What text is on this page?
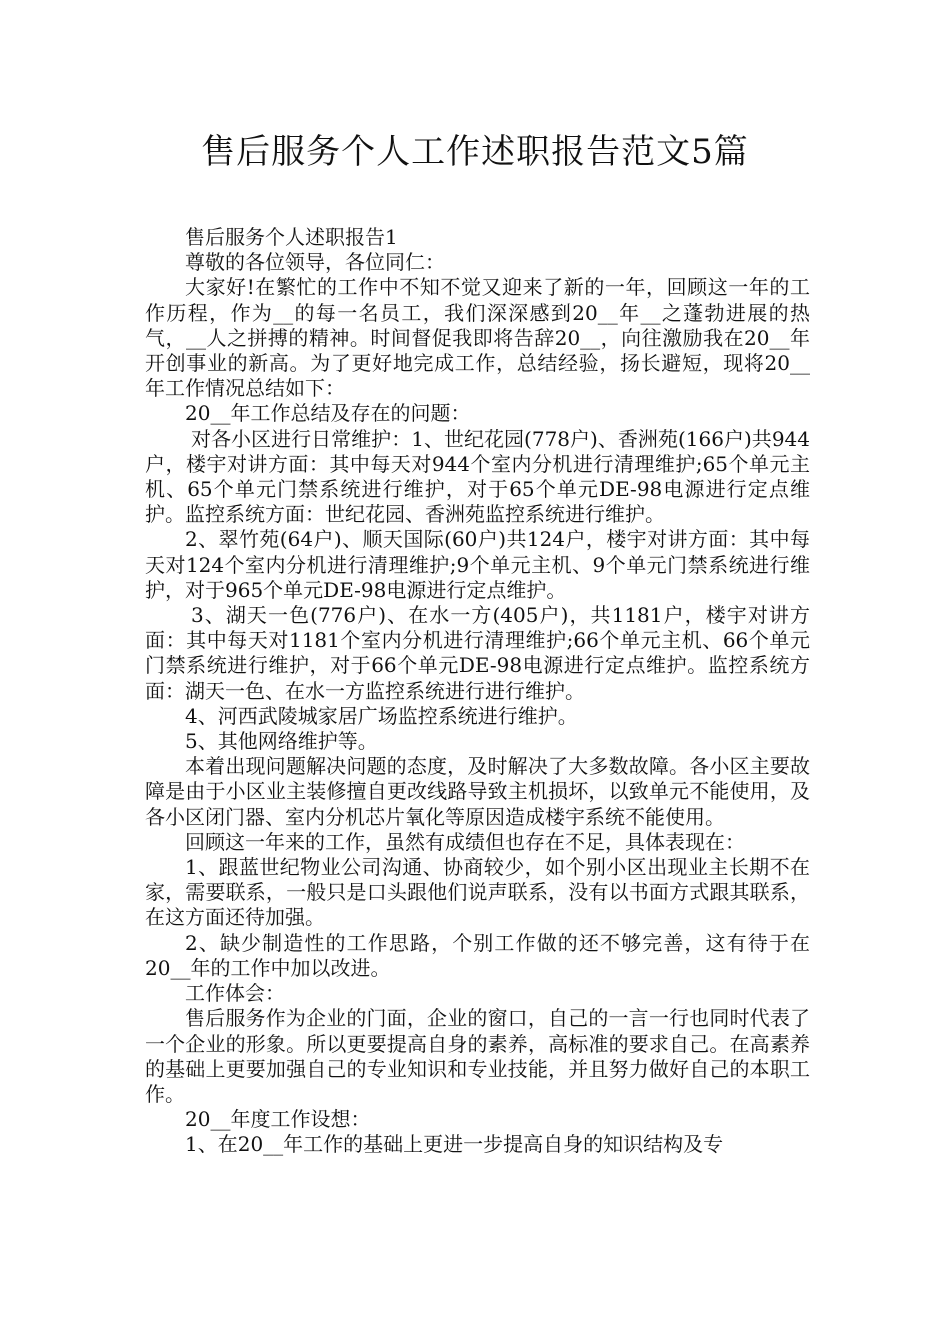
售后服务个人工作述职报告范文5篇

售后服务个人述职报告1

尊敬的各位领导，各位同仁：

大家好!在繁忙的工作中不知不觉又迎来了新的一年，回顾这一年的工作历程，作为__的每一名员工，我们深深感到20__年__之蓬勃进展的热气，__人之拼搏的精神。时间督促我即将告辞20__，向往激励我在20__年开创事业的新高。为了更好地完成工作，总结经验，扬长避短，现将20__年工作情况总结如下：

20__年工作总结及存在的问题：

对各小区进行日常维护：1、世纪花园(778户)、香洲苑(166户)共944户，楼宇对讲方面：其中每天对944个室内分机进行清理维护;65个单元主机、65个单元门禁系统进行维护，对于65个单元DE-98电源进行定点维护。监控系统方面：世纪花园、香洲苑监控系统进行维护。

2、翠竹苑(64户)、顺天国际(60户)共124户，楼宇对讲方面：其中每天对124个室内分机进行清理维护;9个单元主机、9个单元门禁系统进行维护，对于965个单元DE-98电源进行定点维护。

3、湖天一色(776户)、在水一方(405户)，共1181户，楼宇对讲方面：其中每天对1181个室内分机进行清理维护;66个单元主机、66个单元门禁系统进行维护，对于66个单元DE-98电源进行定点维护。监控系统方面：湖天一色、在水一方监控系统进行进行维护。

4、河西武陵城家居广场监控系统进行维护。

5、其他网络维护等。

本着出现问题解决问题的态度，及时解决了大多数故障。各小区主要故障是由于小区业主装修擅自更改线路导致主机损坏，以致单元不能使用，及各小区闭门器、室内分机芯片氧化等原因造成楼宇系统不能使用。

回顾这一年来的工作，虽然有成绩但也存在不足，具体表现在：

1、跟蓝世纪物业公司沟通、协商较少，如个别小区出现业主长期不在家，需要联系，一般只是口头跟他们说声联系，没有以书面方式跟其联系，在这方面还待加强。

2、缺少制造性的工作思路，个别工作做的还不够完善，这有待于在20__年的工作中加以改进。

工作体会：

售后服务作为企业的门面，企业的窗口，自己的一言一行也同时代表了一个企业的形象。所以更要提高自身的素养，高标准的要求自己。在高素养的基础上更要加强自己的专业知识和专业技能，并且努力做好自己的本职工作。

20__年度工作设想：

1、在20__年工作的基础上更进一步提高自身的知识结构及专
